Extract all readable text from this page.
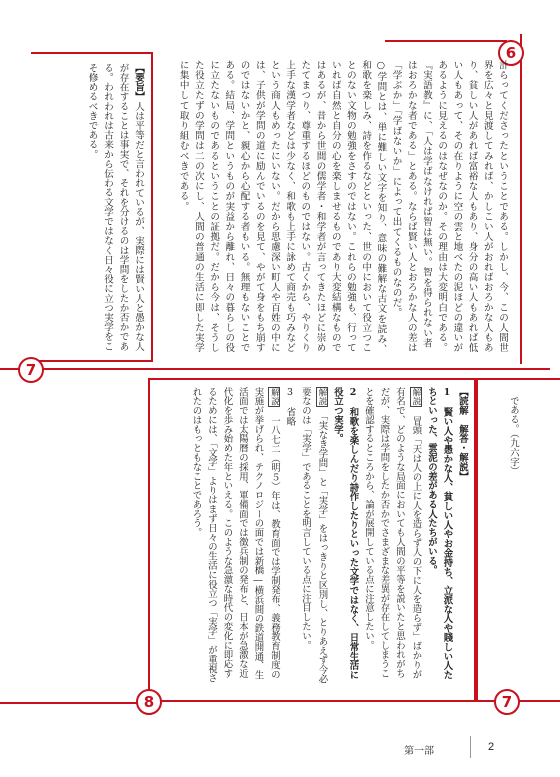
6
7
8	7

計らってくださったということである。しかし、今、この人間世界を広々と見渡してみれば、かしこい人がおればおろかな人もあり、貧しい人があれば富裕な人もあり、身分の高い人もあれば低い人もあって、その在りように空の雲と地べたの泥ほどの違いがあるように見えるのはなぜなのか。その理由は大変明白である。『実語教』に、「人は学ばなければ智は無い。智を得られない者はおろかな者である」とある。ならば賢い人とおろかな人の差は「学ぶか」「学ばないか」によって出てくるものなのだ。

○学問とは、単に難しい文字を知り、意味の難解な古文を読み、和歌を楽しみ、詩を作るなどといった、世の中において役立つことのない文物の勉強をさすのではない。これらの勉強も、行っていれば自然と自分の心を楽しませるものであり大変結構なものではあるが、昔から世間の儒学者・和学者が言ってきたほどに崇めたてまつり、尊重するほどのものではない。古くから、やりくり上手な漢学者などは少なく、和歌も上手に詠めて商売も巧みなどという商人もめったにいない。だから思慮深い町人や百姓の中には、子供が学問の道に励んでいるのを見て、やがて身をもち崩すのではないかと、親心から心配する者もいる。無理もないことである。結局、学問というものが実益から離れ、日々の暮らしの役に立たないものであるということの証拠だ。だから今は、そうした役立たずの学問は二の次にし、人間の普通の生活に即した実学に集中して取り組むべきである。

【要旨】人は平等だと言われているが、実際には賢い人と愚かな人が存在することは事実で、それを分けるのは学問をしたか否かである。われわれは古来から伝わる文学ではなく日々役に立つ実学をこそ修めるべきである。

【読解　解答・解説】

1　賢い人や愚かな人、貧しい人やお金持ち、立派な人や賤しい人たちといった、雲泥の差がある人たちがいる。

解説　冒頭「天は人の上に人を造らず人の下に人を造らず」ばかりが有名で、どのような局面においても人間の平等を説いたと思われがちだが、実際は学問をしたか否かでさまざまな差異が存在してしまうことを確認するところから、論が展開している点に注意したい。

2　和歌を楽しんだり詩作したりといった文学ではなく、日常生活に役立つ実学。

解説　「実なき学問」と「実学」をはっきりと区別し、とりあえず今必要なのは「実学」であることを明言している点に注目したい。

3　省略

解説　一八七二（明５）年は、教育面では学制発布、義務教育制度の実施が挙げられ、テクノロジーの面では新橋―横浜間の鉄道開通、生活面では太陽暦の採用、軍備面では徴兵制の発布と、日本が急激な近代化を歩み始めた年といえる。このような急激な時代の変化に即応するためには、「文学」よりはまず日々の生活に役立つ「実学」が重視されたのはもっともなことであろう。	である。（九六字）
第一部	2
